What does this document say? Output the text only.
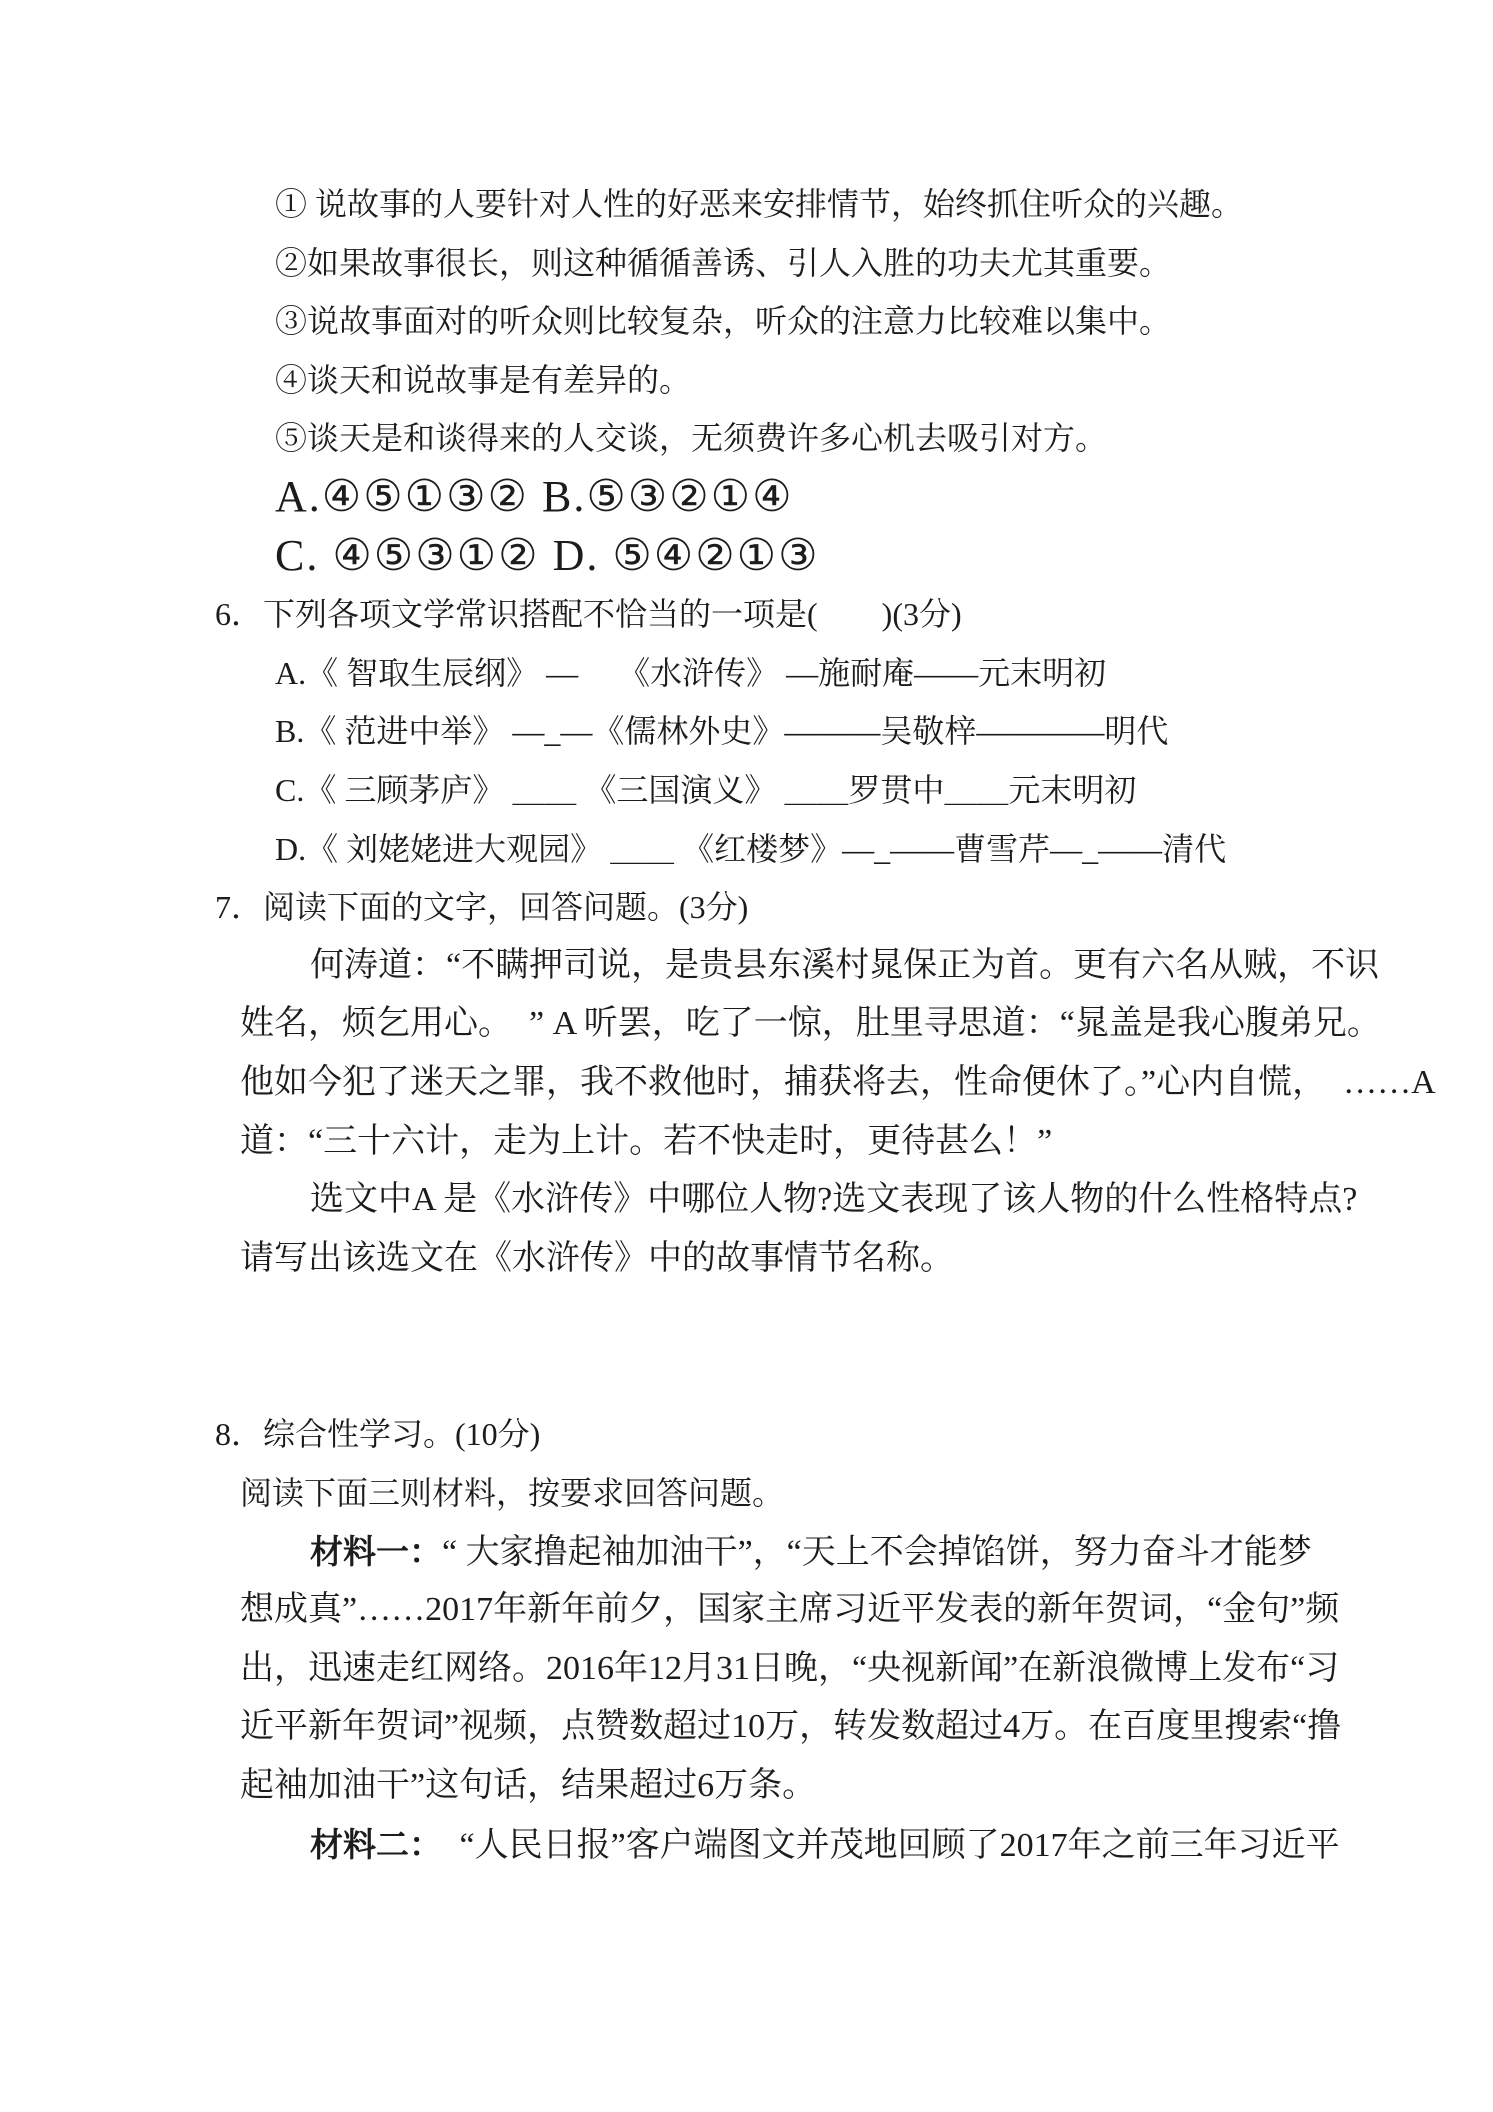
① 说故事的人要针对人性的好恶来安排情节，始终抓住听众的兴趣。
②如果故事很长，则这种循循善诱、引人入胜的功夫尤其重要。
③说故事面对的听众则比较复杂，听众的注意力比较难以集中。
④谈天和说故事是有差异的。
⑤谈天是和谈得来的人交谈，无须费许多心机去吸引对方。
A.④⑤①③② B.⑤③②①④
C. ④⑤③①② D. ⑤④②①③
6．下列各项文学常识搭配不恰当的一项是(　　)(3分)
A.《 智取生辰纲》 —　 《水浒传》 —施耐庵——元末明初
B.《 范进中举》 —_—《儒林外史》———吴敬梓————明代
C.《 三顾茅庐》 ＿＿ 《三国演义》 ＿＿罗贯中＿＿元末明初
D.《 刘姥姥进大观园》 ＿＿ 《红楼梦》—_——曹雪芹—_——清代
7．阅读下面的文字，回答问题。(3分)
何涛道：“不瞒押司说，是贵县东溪村晁保正为首。更有六名从贼，不识
姓名，烦乞用心。　” A 听罢，吃了一惊，肚里寻思道：“晁盖是我心腹弟兄。
他如今犯了迷天之罪，我不救他时，捕获将去，性命便休了。”心内自慌，　……A
道：“三十六计，走为上计。若不快走时，更待甚么！”
选文中A 是《水浒传》中哪位人物?选文表现了该人物的什么性格特点?
请写出该选文在《水浒传》中的故事情节名称。
8．综合性学习。(10分)
阅读下面三则材料，按要求回答问题。
材料一：“ 大家撸起袖加油干”，“天上不会掉馅饼，努力奋斗才能梦
想成真”……2017年新年前夕，国家主席习近平发表的新年贺词，“金句”频
出，迅速走红网络。2016年12月31日晚，“央视新闻”在新浪微博上发布“习
近平新年贺词”视频，点赞数超过10万，转发数超过4万。在百度里搜索“撸
起袖加油干”这句话，结果超过6万条。
材料二：　“人民日报”客户端图文并茂地回顾了2017年之前三年习近平
